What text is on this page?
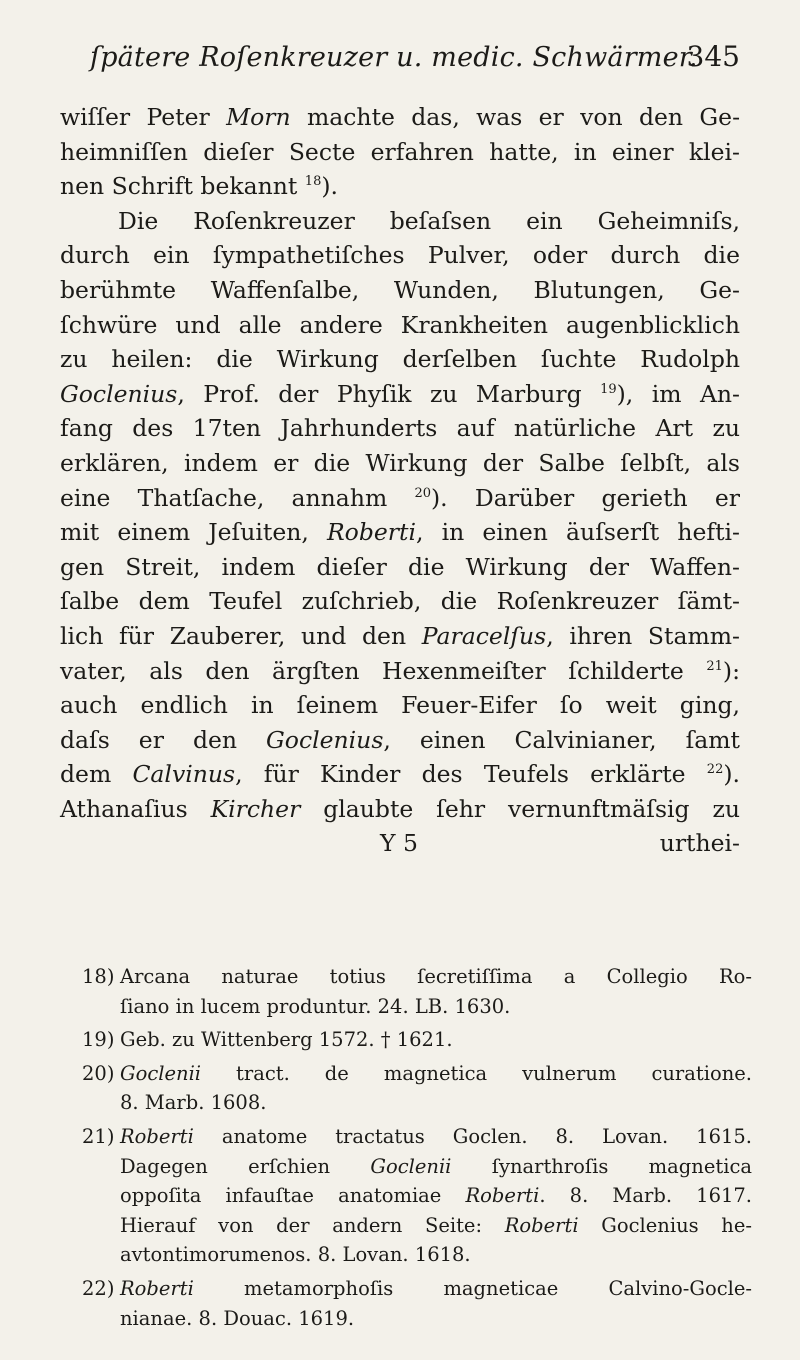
ſpätere Roſenkreuzer u. medic. Schwärmer.
345
wiſſer Peter Morn machte das, was er von den Ge-
heimniſſen dieſer Secte erfahren hatte, in einer klei-
nen Schrift bekannt $^{18}$).
Die Roſenkreuzer beſaſsen ein Geheimniſs,
durch ein ſympathetiſches Pulver, oder durch die
berühmte Waffenſalbe, Wunden, Blutungen, Ge-
ſchwüre und alle andere Krankheiten augenblicklich
zu heilen: die Wirkung derſelben ſuchte Rudolph
Goclenius, Prof. der Phyſik zu Marburg $^{19}$), im An-
fang des 17ten Jahrhunderts auf natürliche Art zu
erklären, indem er die Wirkung der Salbe ſelbſt, als
eine Thatſache, annahm $^{20}$). Darüber gerieth er
mit einem Jeſuiten, Roberti, in einen äuſserſt hefti-
gen Streit, indem dieſer die Wirkung der Waffen-
ſalbe dem Teufel zuſchrieb, die Roſenkreuzer ſämt-
lich für Zauberer, und den Paracelſus, ihren Stamm-
vater, als den ärgſten Hexenmeiſter ſchilderte $^{21}$):
auch endlich in ſeinem Feuer-Eifer ſo weit ging,
daſs er den Goclenius, einen Calvinianer, ſamt
dem Calvinus, für Kinder des Teufels erklärte $^{22}$).
Athanaſius Kircher glaubte ſehr vernunftmäſsig zu
Y 5	urthei-
18) Arcana naturae totius ſecretiſſima a Collegio Ro-
ſiano in lucem produntur. 24. LB. 1630.
19) Geb. zu Wittenberg 1572. † 1621.
20) Goclenii tract. de magnetica vulnerum curatione.
8. Marb. 1608.
21) Roberti anatome tractatus Goclen. 8. Lovan. 1615.
Dagegen erſchien Goclenii ſynarthroſis magnetica
oppoſita infauſtae anatomiae Roberti. 8. Marb. 1617.
Hierauf von der andern Seite: Roberti Goclenius he-
avtontimorumenos. 8. Lovan. 1618.
22) Roberti metamorphoſis magneticae Calvino-Gocle-
nianae. 8. Douac. 1619.
